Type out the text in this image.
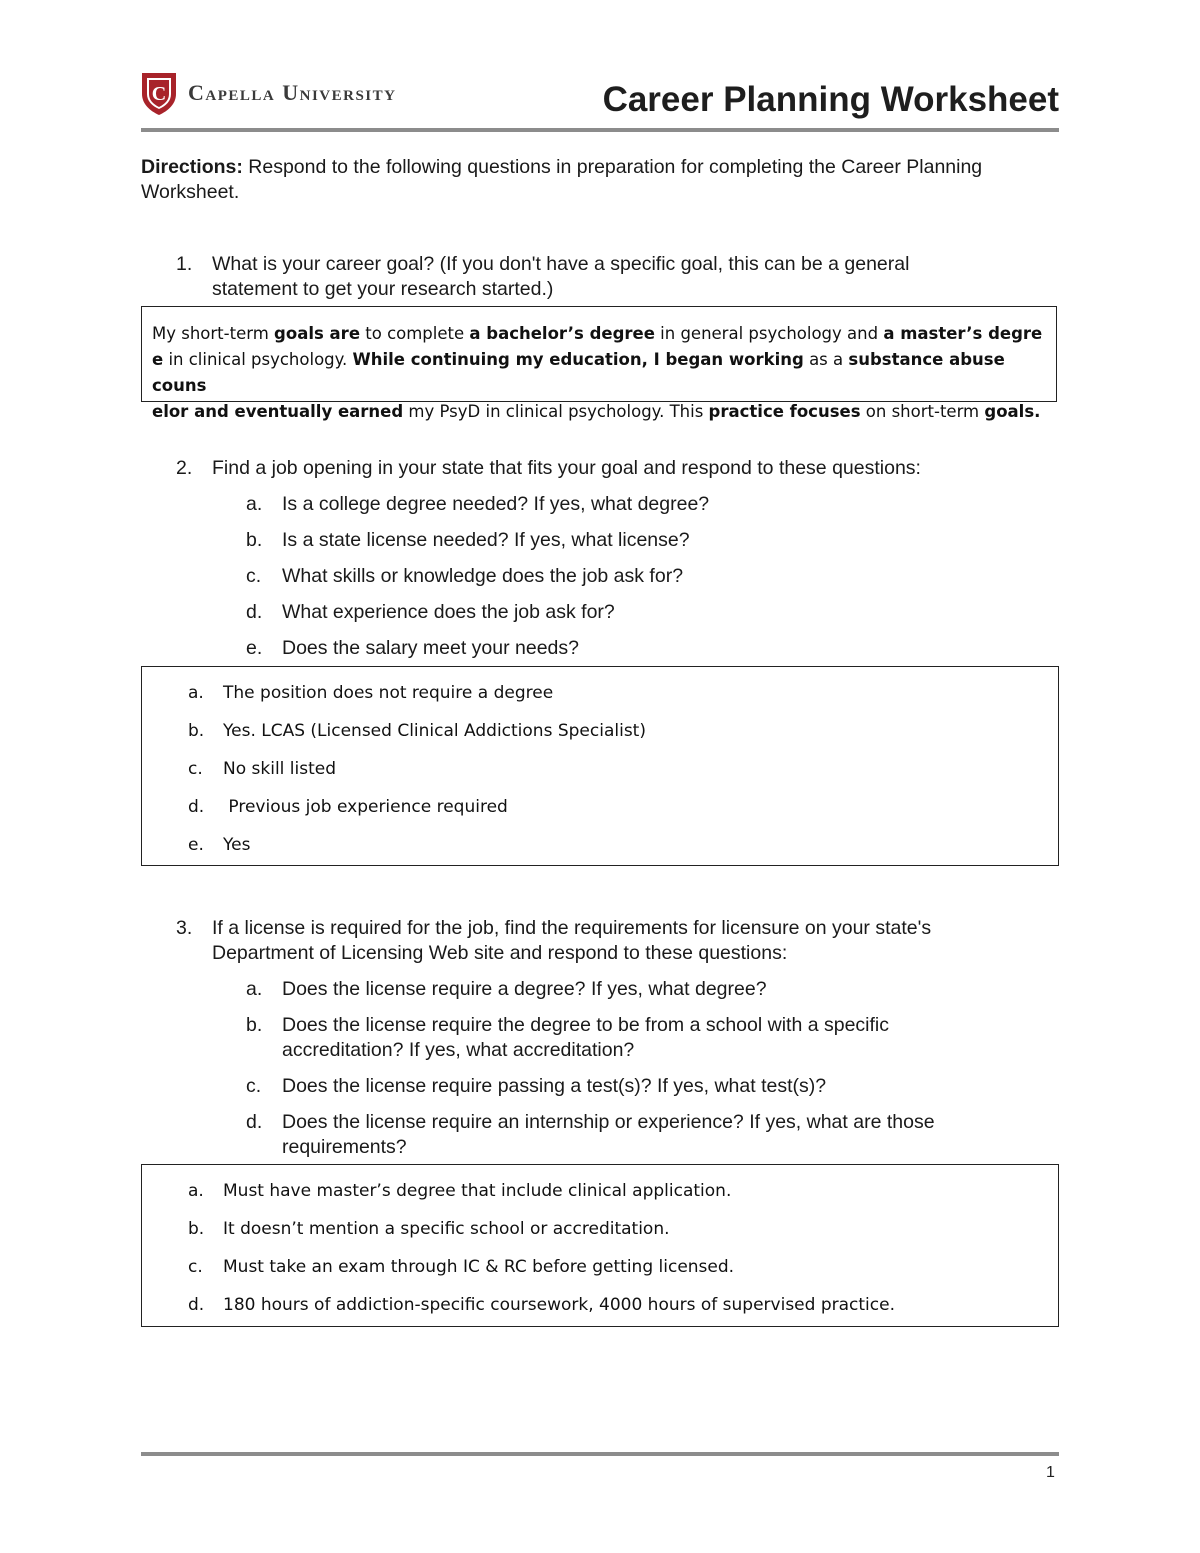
C Capella University	Career Planning Worksheet
Directions: Respond to the following questions in preparation for completing the Career Planning Worksheet.
1. What is your career goal? (If you don't have a specific goal, this can be a general
statement to get your research started.)
My short-term goals are to complete a bachelor’s degree in general psychology and a master’s degre
e in clinical psychology. While continuing my education, I began working as a substance abuse couns
elor and eventually earned my PsyD in clinical psychology. This practice focuses on short-term goals.
2. Find a job opening in your state that fits your goal and respond to these questions:
a. Is a college degree needed? If yes, what degree?
b. Is a state license needed? If yes, what license?
c. What skills or knowledge does the job ask for?
d. What experience does the job ask for?
e. Does the salary meet your needs?
a. The position does not require a degree
b. Yes. LCAS (Licensed Clinical Addictions Specialist)
c. No skill listed
d. Previous job experience required
e. Yes
3. If a license is required for the job, find the requirements for licensure on your state's
Department of Licensing Web site and respond to these questions:
a. Does the license require a degree? If yes, what degree?
b. Does the license require the degree to be from a school with a specific
accreditation? If yes, what accreditation?
c. Does the license require passing a test(s)? If yes, what test(s)?
d. Does the license require an internship or experience? If yes, what are those
requirements?
a. Must have master’s degree that include clinical application.
b. It doesn’t mention a specific school or accreditation.
c. Must take an exam through IC & RC before getting licensed.
d. 180 hours of addiction-specific coursework, 4000 hours of supervised practice.
1
